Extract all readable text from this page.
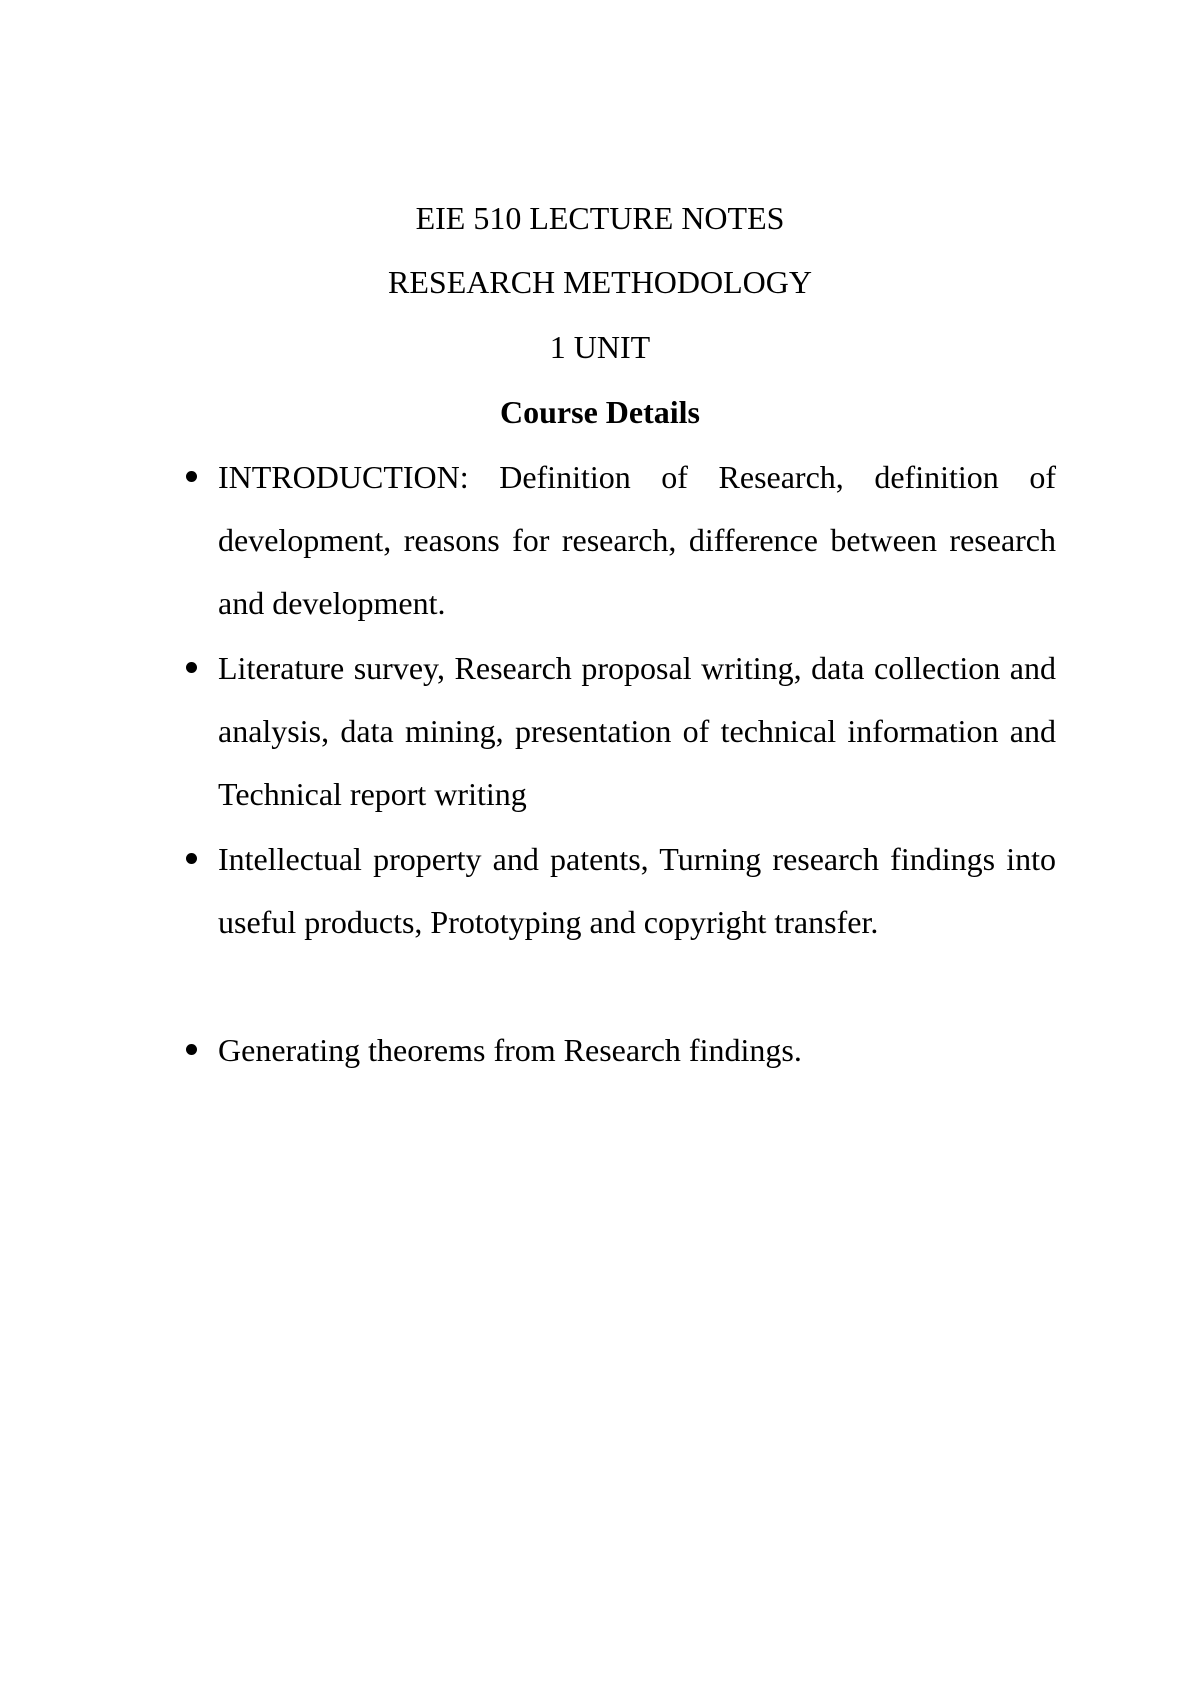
EIE 510 LECTURE NOTES
RESEARCH METHODOLOGY
1 UNIT
Course Details
INTRODUCTION: Definition of Research, definition of development, reasons for research, difference between research and development.
Literature survey, Research proposal writing, data collection and analysis, data mining, presentation of technical information and Technical report writing
Intellectual property and patents, Turning research findings into useful products, Prototyping and copyright transfer.
Generating theorems from Research findings.
